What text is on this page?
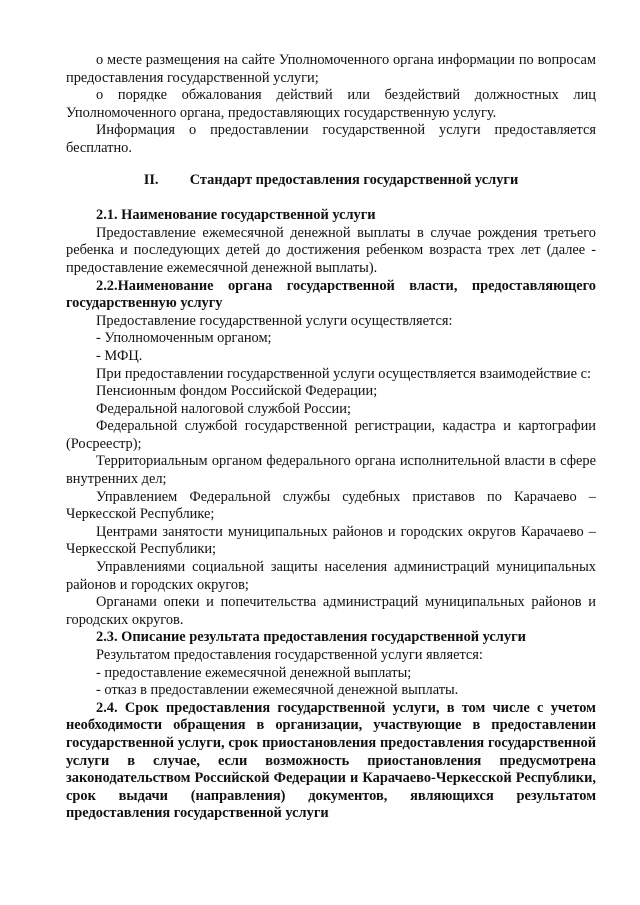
о месте размещения на сайте Уполномоченного органа информации по вопросам предоставления государственной услуги;

о порядке обжалования действий или бездействий должностных лиц Уполномоченного органа, предоставляющих государственную услугу.

Информация о предоставлении государственной услуги предоставляется бесплатно.

II. Стандарт предоставления государственной услуги

2.1. Наименование государственной услуги

Предоставление ежемесячной денежной выплаты в случае рождения третьего ребенка и последующих детей до достижения ребенком возраста трех лет (далее - предоставление ежемесячной денежной выплаты).

2.2.Наименование органа государственной власти, предоставляющего государственную услугу

Предоставление государственной услуги осуществляется:

- Уполномоченным органом;

- МФЦ.

При предоставлении государственной услуги осуществляется взаимодействие с:

Пенсионным фондом Российской Федерации;

Федеральной налоговой службой России;

Федеральной службой государственной регистрации, кадастра и картографии (Росреестр);

Территориальным органом федерального органа исполнительной власти в сфере внутренних дел;

Управлением Федеральной службы судебных приставов по Карачаево – Черкесской Республике;

Центрами занятости муниципальных районов и городских округов Карачаево – Черкесской Республики;

Управлениями социальной защиты населения администраций муниципальных районов и городских округов;

Органами опеки и попечительства администраций муниципальных районов и городских округов.

2.3. Описание результата предоставления государственной услуги

Результатом предоставления государственной услуги является:

- предоставление ежемесячной денежной выплаты;

- отказ в предоставлении ежемесячной денежной выплаты.

2.4. Срок предоставления государственной услуги, в том числе с учетом необходимости обращения в организации, участвующие в предоставлении государственной услуги, срок приостановления предоставления государственной услуги в случае, если возможность приостановления предусмотрена законодательством Российской Федерации и Карачаево-Черкесской Республики, срок выдачи (направления) документов, являющихся результатом предоставления государственной услуги
